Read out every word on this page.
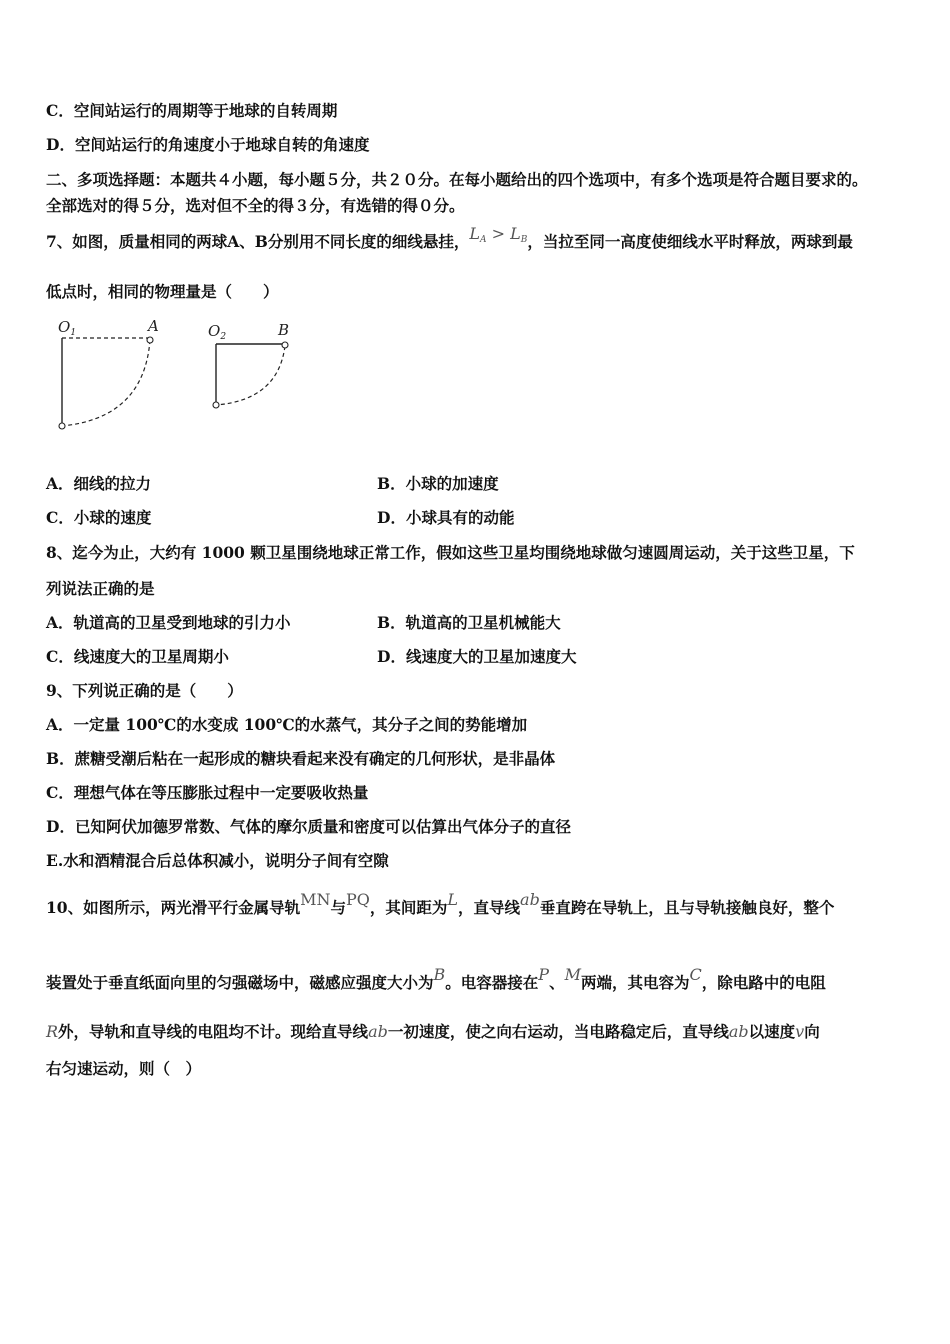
C．空间站运行的周期等于地球的自转周期
D．空间站运行的角速度小于地球自转的角速度
二、多项选择题：本题共４小题，每小题５分，共２０分。在每小题给出的四个选项中，有多个选项是符合题目要求的。
全部选对的得５分，选对但不全的得３分，有选错的得０分。
7、如图，质量相同的两球A、B分别用不同长度的细线悬挂，$L_A > L_B$，当拉至同一高度使细线水平时释放，两球到最
低点时，相同的物理量是（　　）
$O_1$	A	$O_2$	B
A．细线的拉力	B．小球的加速度
C．小球的速度	D．小球具有的动能
8、迄今为止，大约有 1000 颗卫星围绕地球正常工作，假如这些卫星均围绕地球做匀速圆周运动，关于这些卫星，下
列说法正确的是
A．轨道高的卫星受到地球的引力小	B．轨道高的卫星机械能大
C．线速度大的卫星周期小	D．线速度大的卫星加速度大
9、下列说正确的是（　　）
A．一定量 100℃的水变成 100℃的水蒸气，其分子之间的势能增加
B．蔗糖受潮后粘在一起形成的糖块看起来没有确定的几何形状，是非晶体
C．理想气体在等压膨胀过程中一定要吸收热量
D．已知阿伏加德罗常数、气体的摩尔质量和密度可以估算出气体分子的直径
E.水和酒精混合后总体积减小，说明分子间有空隙
10、如图所示，两光滑平行金属导轨MN与PQ，其间距为L，直导线ab垂直跨在导轨上，且与导轨接触良好，整个
装置处于垂直纸面向里的匀强磁场中，磁感应强度大小为B。电容器接在P、M两端，其电容为C，除电路中的电阻
R外，导轨和直导线的电阻均不计。现给直导线ab一初速度，使之向右运动，当电路稳定后，直导线ab以速度v向
右匀速运动，则（　）
